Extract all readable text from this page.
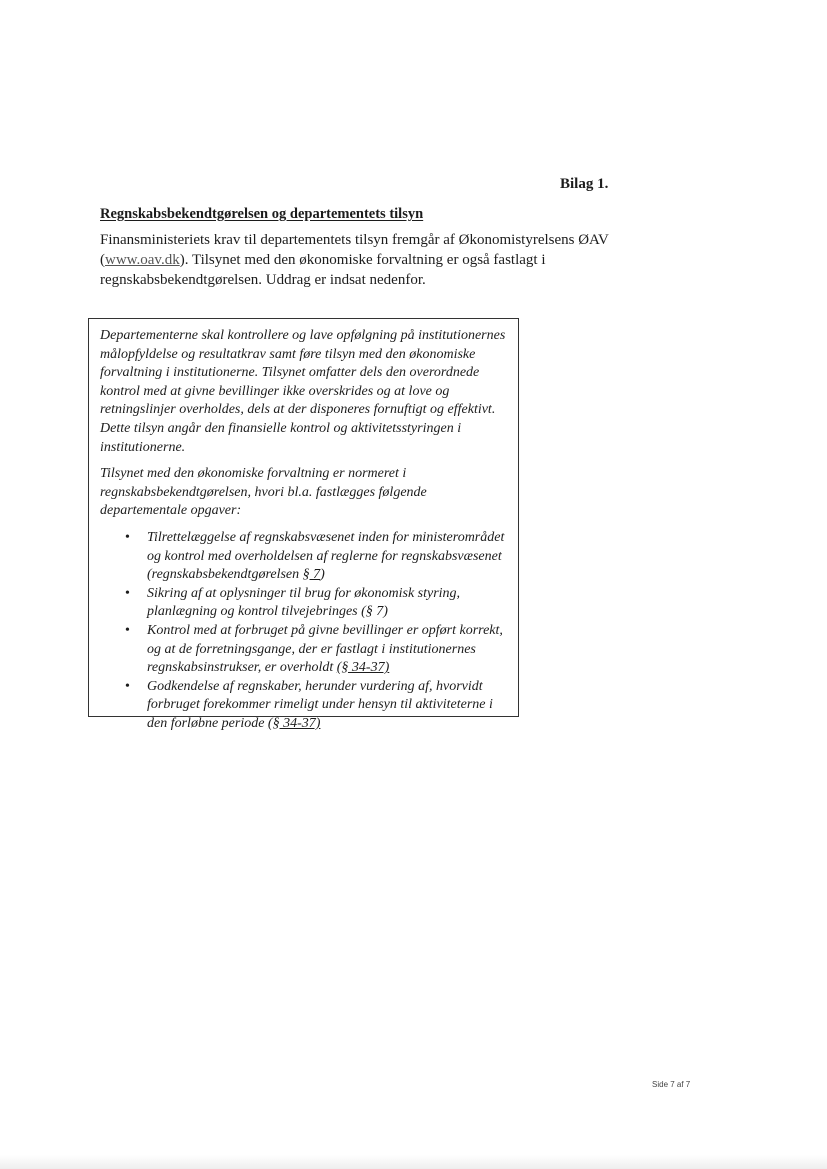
Bilag 1.
Regnskabsbekendtgørelsen og departementets tilsyn

Finansministeriets krav til departementets tilsyn fremgår af Økonomistyrelsens ØAV (www.oav.dk). Tilsynet med den økonomiske forvaltning er også fastlagt i regnskabsbekendtgørelsen. Uddrag er indsat nedenfor.

Departementerne skal kontrollere og lave opfølgning på institutionernes målopfyldelse og resultatkrav samt føre tilsyn med den økonomiske forvaltning i institutionerne. Tilsynet omfatter dels den overordnede kontrol med at givne bevillinger ikke overskrides og at love og retningslinjer overholdes, dels at der disponeres fornuftigt og effektivt. Dette tilsyn angår den finansielle kontrol og aktivitetsstyringen i institutionerne.

Tilsynet med den økonomiske forvaltning er normeret i regnskabsbekendtgørelsen, hvori bl.a. fastlægges følgende departementale opgaver:

• Tilrettelæggelse af regnskabsvæsenet inden for ministerområdet og kontrol med overholdelsen af reglerne for regnskabsvæsenet (regnskabsbekendtgørelsen § 7)
• Sikring af at oplysninger til brug for økonomisk styring, planlægning og kontrol tilvejebringes (§ 7)
• Kontrol med at forbruget på givne bevillinger er opført korrekt, og at de forretningsgange, der er fastlagt i institutionernes regnskabsinstrukser, er overholdt (§ 34-37)
• Godkendelse af regnskaber, herunder vurdering af, hvorvidt forbruget forekommer rimeligt under hensyn til aktiviteterne i den forløbne periode (§ 34-37)
Side 7 af 7
